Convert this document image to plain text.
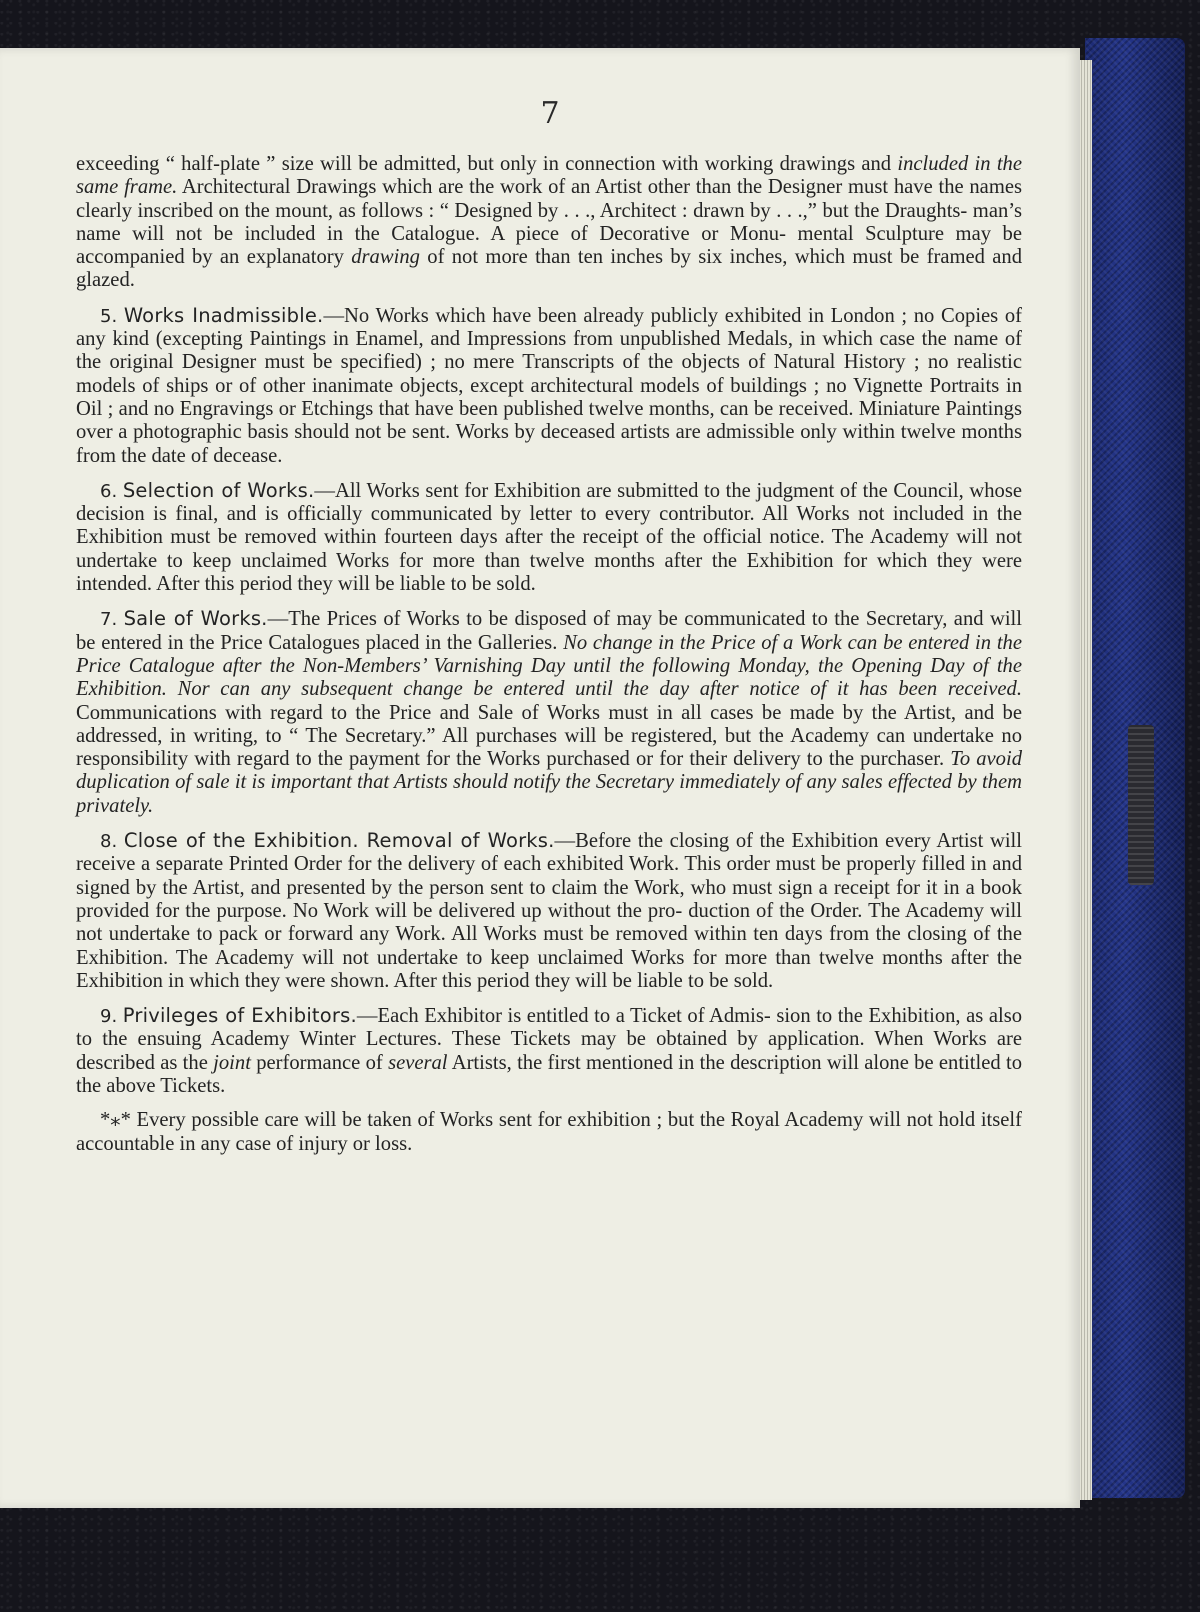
7

exceeding “ half-plate ” size will be admitted, but only in connection with working drawings and included in the same frame. Architectural Drawings which are the work of an Artist other than the Designer must have the names clearly inscribed on the mount, as follows : “ Designed by . . ., Architect : drawn by . . .,” but the Draughts- man’s name will not be included in the Catalogue. A piece of Decorative or Monu- mental Sculpture may be accompanied by an explanatory drawing of not more than ten inches by six inches, which must be framed and glazed.

5. Works Inadmissible.—No Works which have been already publicly exhibited in London ; no Copies of any kind (excepting Paintings in Enamel, and Impressions from unpublished Medals, in which case the name of the original Designer must be specified) ; no mere Transcripts of the objects of Natural History ; no realistic models of ships or of other inanimate objects, except architectural models of buildings ; no Vignette Portraits in Oil ; and no Engravings or Etchings that have been published twelve months, can be received. Miniature Paintings over a photographic basis should not be sent. Works by deceased artists are admissible only within twelve months from the date of decease.

6. Selection of Works.—All Works sent for Exhibition are submitted to the judgment of the Council, whose decision is final, and is officially communicated by letter to every contributor. All Works not included in the Exhibition must be removed within fourteen days after the receipt of the official notice. The Academy will not undertake to keep unclaimed Works for more than twelve months after the Exhibition for which they were intended. After this period they will be liable to be sold.

7. Sale of Works.—The Prices of Works to be disposed of may be communicated to the Secretary, and will be entered in the Price Catalogues placed in the Galleries. No change in the Price of a Work can be entered in the Price Catalogue after the Non-Members’ Varnishing Day until the following Monday, the Opening Day of the Exhibition. Nor can any subsequent change be entered until the day after notice of it has been received. Communications with regard to the Price and Sale of Works must in all cases be made by the Artist, and be addressed, in writing, to “ The Secretary.” All purchases will be registered, but the Academy can undertake no responsibility with regard to the payment for the Works purchased or for their delivery to the purchaser. To avoid duplication of sale it is important that Artists should notify the Secretary immediately of any sales effected by them privately.

8. Close of the Exhibition. Removal of Works.—Before the closing of the Exhibition every Artist will receive a separate Printed Order for the delivery of each exhibited Work. This order must be properly filled in and signed by the Artist, and presented by the person sent to claim the Work, who must sign a receipt for it in a book provided for the purpose. No Work will be delivered up without the pro- duction of the Order. The Academy will not undertake to pack or forward any Work. All Works must be removed within ten days from the closing of the Exhibition. The Academy will not undertake to keep unclaimed Works for more than twelve months after the Exhibition in which they were shown. After this period they will be liable to be sold.

9. Privileges of Exhibitors.—Each Exhibitor is entitled to a Ticket of Admis- sion to the Exhibition, as also to the ensuing Academy Winter Lectures. These Tickets may be obtained by application. When Works are described as the joint performance of several Artists, the first mentioned in the description will alone be entitled to the above Tickets.

*⁎* Every possible care will be taken of Works sent for exhibition ; but the Royal Academy will not hold itself accountable in any case of injury or loss.
